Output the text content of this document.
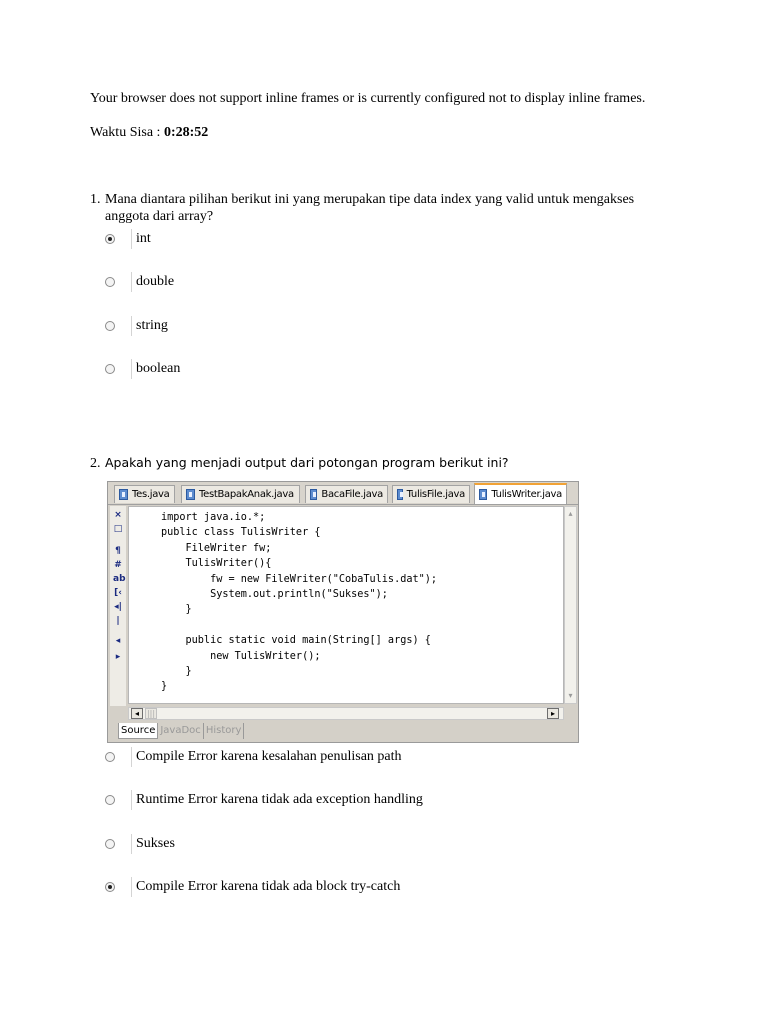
Your browser does not support inline frames or is currently configured not to display inline frames.
Waktu Sisa : 0:28:52
1. Mana diantara pilihan berikut ini yang merupakan tipe data index yang valid untuk mengakses
anggota dari array?
int
double
string
boolean
2. Apakah yang menjadi output dari potongan program berikut ini?
Tes.java	TestBapakAnak.java	BacaFile.java TulisFile.java	TulisWriter.java
×
□
¶
#
ab
[‹
◂|
|
◂
▸
import java.io.*;
public class TulisWriter {
FileWriter fw;
TulisWriter(){
fw = new FileWriter("CobaTulis.dat");
System.out.println("Sukses");
}

public static void main(String[] args) {
new TulisWriter();
}
}
▴
▾
◂ |||	▸
Source JavaDoc History
Compile Error karena kesalahan penulisan path
Runtime Error karena tidak ada exception handling
Sukses
Compile Error karena tidak ada block try-catch
